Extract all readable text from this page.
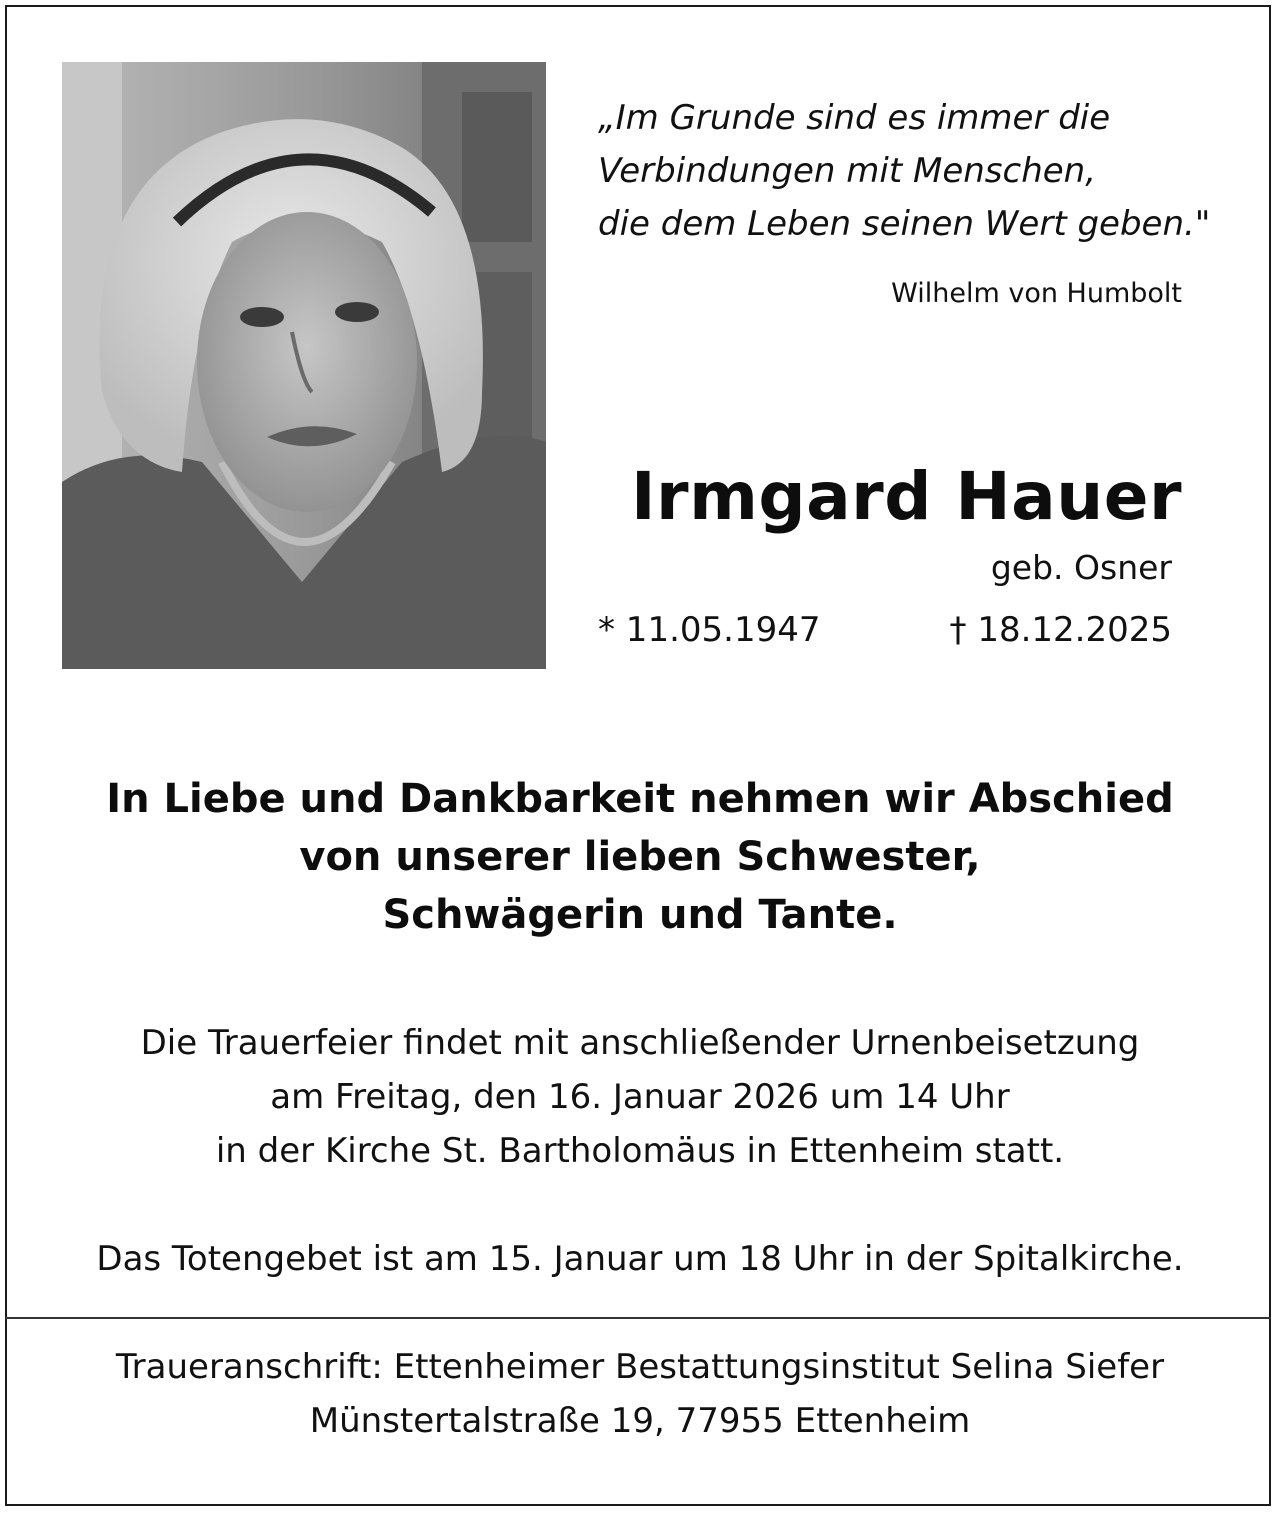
„Im Grunde sind es immer die
Verbindungen mit Menschen,
die dem Leben seinen Wert geben."
Wilhelm von Humbolt
Irmgard Hauer
geb. Osner
* 11.05.1947	† 18.12.2025
In Liebe und Dankbarkeit nehmen wir Abschied
von unserer lieben Schwester,
Schwägerin und Tante.
Die Trauerfeier findet mit anschließender Urnenbeisetzung
am Freitag, den 16. Januar 2026 um 14 Uhr
in der Kirche St. Bartholomäus in Ettenheim statt.
Das Totengebet ist am 15. Januar um 18 Uhr in der Spitalkirche.
Traueranschrift: Ettenheimer Bestattungsinstitut Selina Siefer
Münstertalstraße 19, 77955 Ettenheim
